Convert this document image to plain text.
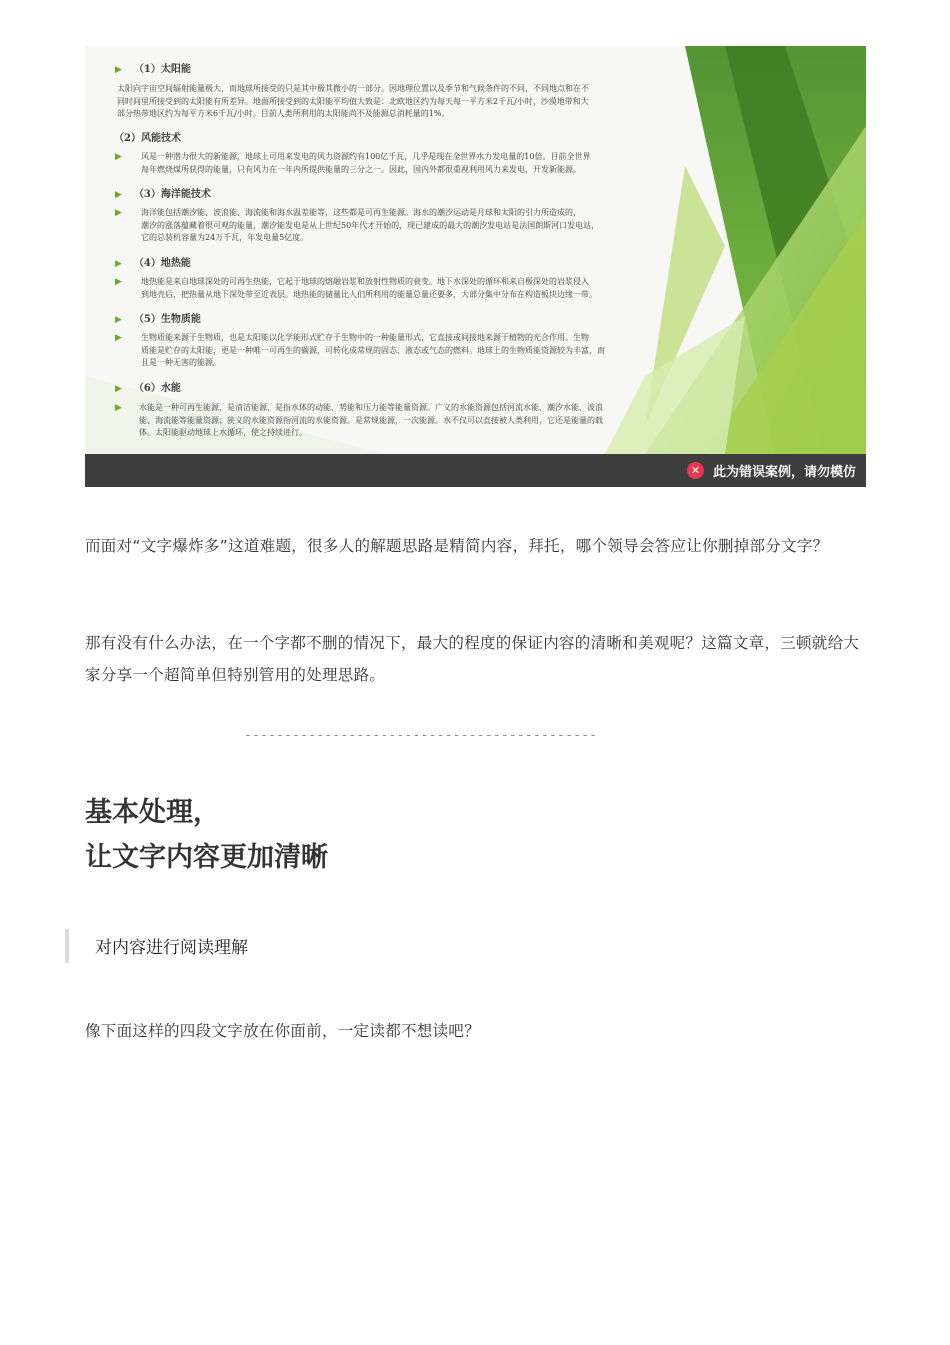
▶ （1）太阳能
太阳向宇宙空间辐射能量极大，而地球所接受的只是其中极其微小的一部分。因地理位置以及季节和气候条件的不同，不同地点和在不
同时间里所接受到的太阳能有所差异。地面所接受到的太阳能平均值大致是：北欧地区约为每天每一平方米2千瓦/小时，沙漠地带和大
部分热带地区约为每平方米6千瓦/小时。目前人类所利用的太阳能尚不及能源总消耗量的1%。
（2）风能技术
▶ 风是一种潜力很大的新能源，地球上可用来发电的风力资源约有100亿千瓦，几乎是现在全世界水力发电量的10倍。目前全世界
每年燃烧煤所获得的能量，只有风力在一年内所提供能量的三分之一。因此，国内外都很重视利用风力来发电，开发新能源。
▶ （3）海洋能技术
▶ 海洋能包括潮汐能、波浪能、海流能和海水温差能等，这些都是可再生能源。海水的潮汐运动是月球和太阳的引力所造成的，
潮汐的涨落蕴藏着很可观的能量，潮汐能发电是从上世纪50年代才开始的，现已建成的最大的潮汐发电站是法国朗斯河口发电站，
它的总装机容量为24万千瓦，年发电量5亿度。
▶ （4）地热能
▶ 地热能是来自地球深处的可再生热能，它起于地球的熔融岩浆和放射性物质的衰变。地下水深处的循环和来自极深处的岩浆侵入
到地壳后，把热量从地下深处带至近表层。地热能的储量比人们所利用的能量总量还要多，大部分集中分布在构造板块边缘一带。
▶ （5）生物质能
▶ 生物质能来源于生物质，也是太阳能以化学能形式贮存于生物中的一种能量形式，它直接或间接地来源于植物的光合作用。生物
质能是贮存的太阳能，更是一种唯一可再生的碳源，可转化成常规的固态、液态或气态的燃料。地球上的生物质能资源较为丰富，而
且是一种无害的能源。
▶ （6）水能
▶ 水能是一种可再生能源，是清洁能源，是指水体的动能、势能和压力能等能量资源。广义的水能资源包括河流水能、潮汐水能、波浪
能、海流能等能量资源；狭义的水能资源指河流的水能资源。是常规能源，一次能源。水不仅可以直接被人类利用，它还是能量的载
体。太阳能驱动地球上水循环，使之持续进行。
✕ 此为错误案例，请勿模仿
而面对“文字爆炸多”这道难题，很多人的解题思路是精简内容，拜托，哪个领导会答应让你删掉部分文字？
那有没有什么办法，在一个字都不删的情况下，最大的程度的保证内容的清晰和美观呢？这篇文章，三顿就给大家分享一个超简单但特别管用的处理思路。
--------------------------------------------
基本处理，
让文字内容更加清晰
对内容进行阅读理解
像下面这样的四段文字放在你面前，一定读都不想读吧？
